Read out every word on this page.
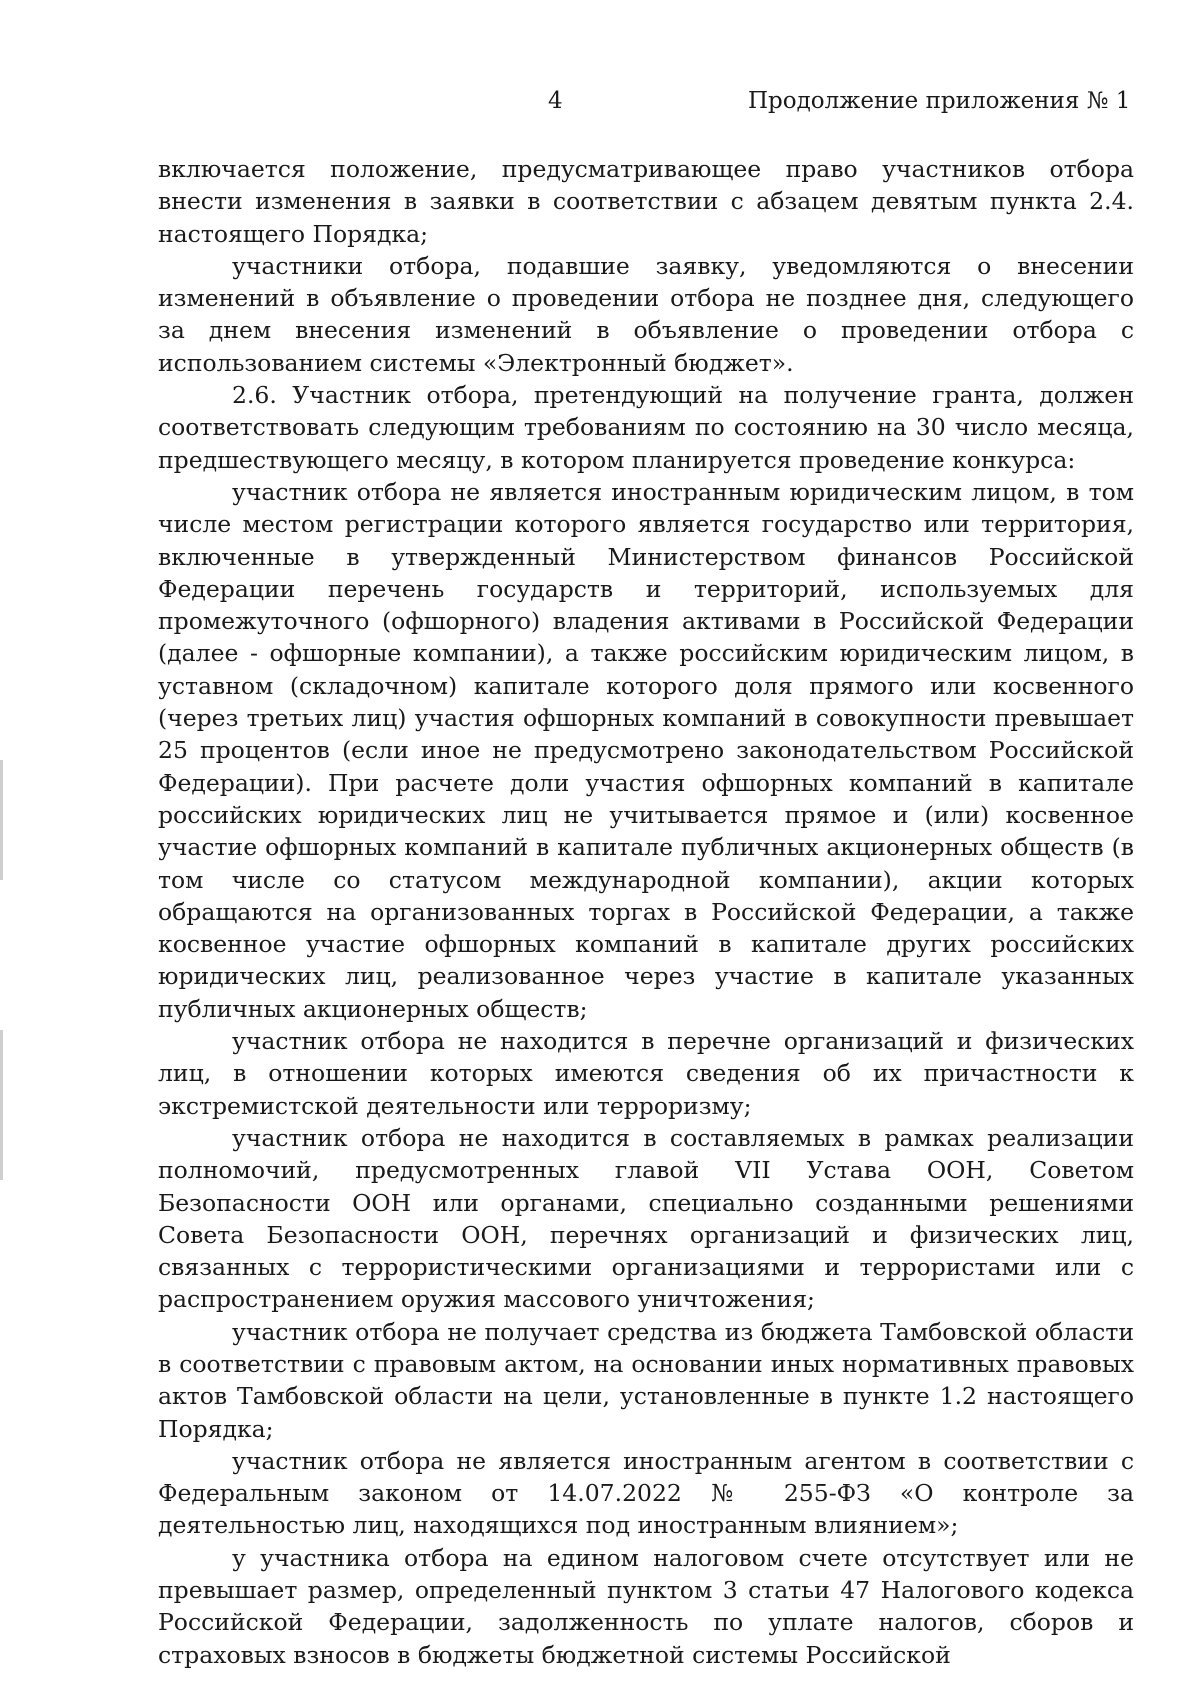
4	Продолжение приложения № 1

включается положение, предусматривающее право участников отбора внести изменения в заявки в соответствии с абзацем девятым пункта 2.4. настоящего Порядка;

участники отбора, подавшие заявку, уведомляются о внесении изменений в объявление о проведении отбора не позднее дня, следующего за днем внесения изменений в объявление о проведении отбора с использованием системы «Электронный бюджет».

2.6. Участник отбора, претендующий на получение гранта, должен соответствовать следующим требованиям по состоянию на 30 число месяца, предшествующего месяцу, в котором планируется проведение конкурса:

участник отбора не является иностранным юридическим лицом, в том числе местом регистрации которого является государство или территория, включенные в утвержденный Министерством финансов Российской Федерации перечень государств и территорий, используемых для промежуточного (офшорного) владения активами в Российской Федерации (далее - офшорные компании), а также российским юридическим лицом, в уставном (складочном) капитале которого доля прямого или косвенного (через третьих лиц) участия офшорных компаний в совокупности превышает 25 процентов (если иное не предусмотрено законодательством Российской Федерации). При расчете доли участия офшорных компаний в капитале российских юридических лиц не учитывается прямое и (или) косвенное участие офшорных компаний в капитале публичных акционерных обществ (в том числе со статусом международной компании), акции которых обращаются на организованных торгах в Российской Федерации, а также косвенное участие офшорных компаний в капитале других российских юридических лиц, реализованное через участие в капитале указанных публичных акционерных обществ;

участник отбора не находится в перечне организаций и физических лиц, в отношении которых имеются сведения об их причастности к экстремистской деятельности или терроризму;

участник отбора не находится в составляемых в рамках реализации полномочий, предусмотренных главой VII Устава ООН, Советом Безопасности ООН или органами, специально созданными решениями Совета Безопасности ООН, перечнях организаций и физических лиц, связанных с террористическими организациями и террористами или с распространением оружия массового уничтожения;

участник отбора не получает средства из бюджета Тамбовской области в соответствии с правовым актом, на основании иных нормативных правовых актов Тамбовской области на цели, установленные в пункте 1.2 настоящего Порядка;

участник отбора не является иностранным агентом в соответствии с Федеральным законом от 14.07.2022 № 255-ФЗ «О контроле за деятельностью лиц, находящихся под иностранным влиянием»;

у участника отбора на едином налоговом счете отсутствует или не превышает размер, определенный пунктом 3 статьи 47 Налогового кодекса Российской Федерации, задолженность по уплате налогов, сборов и страховых взносов в бюджеты бюджетной системы Российской
